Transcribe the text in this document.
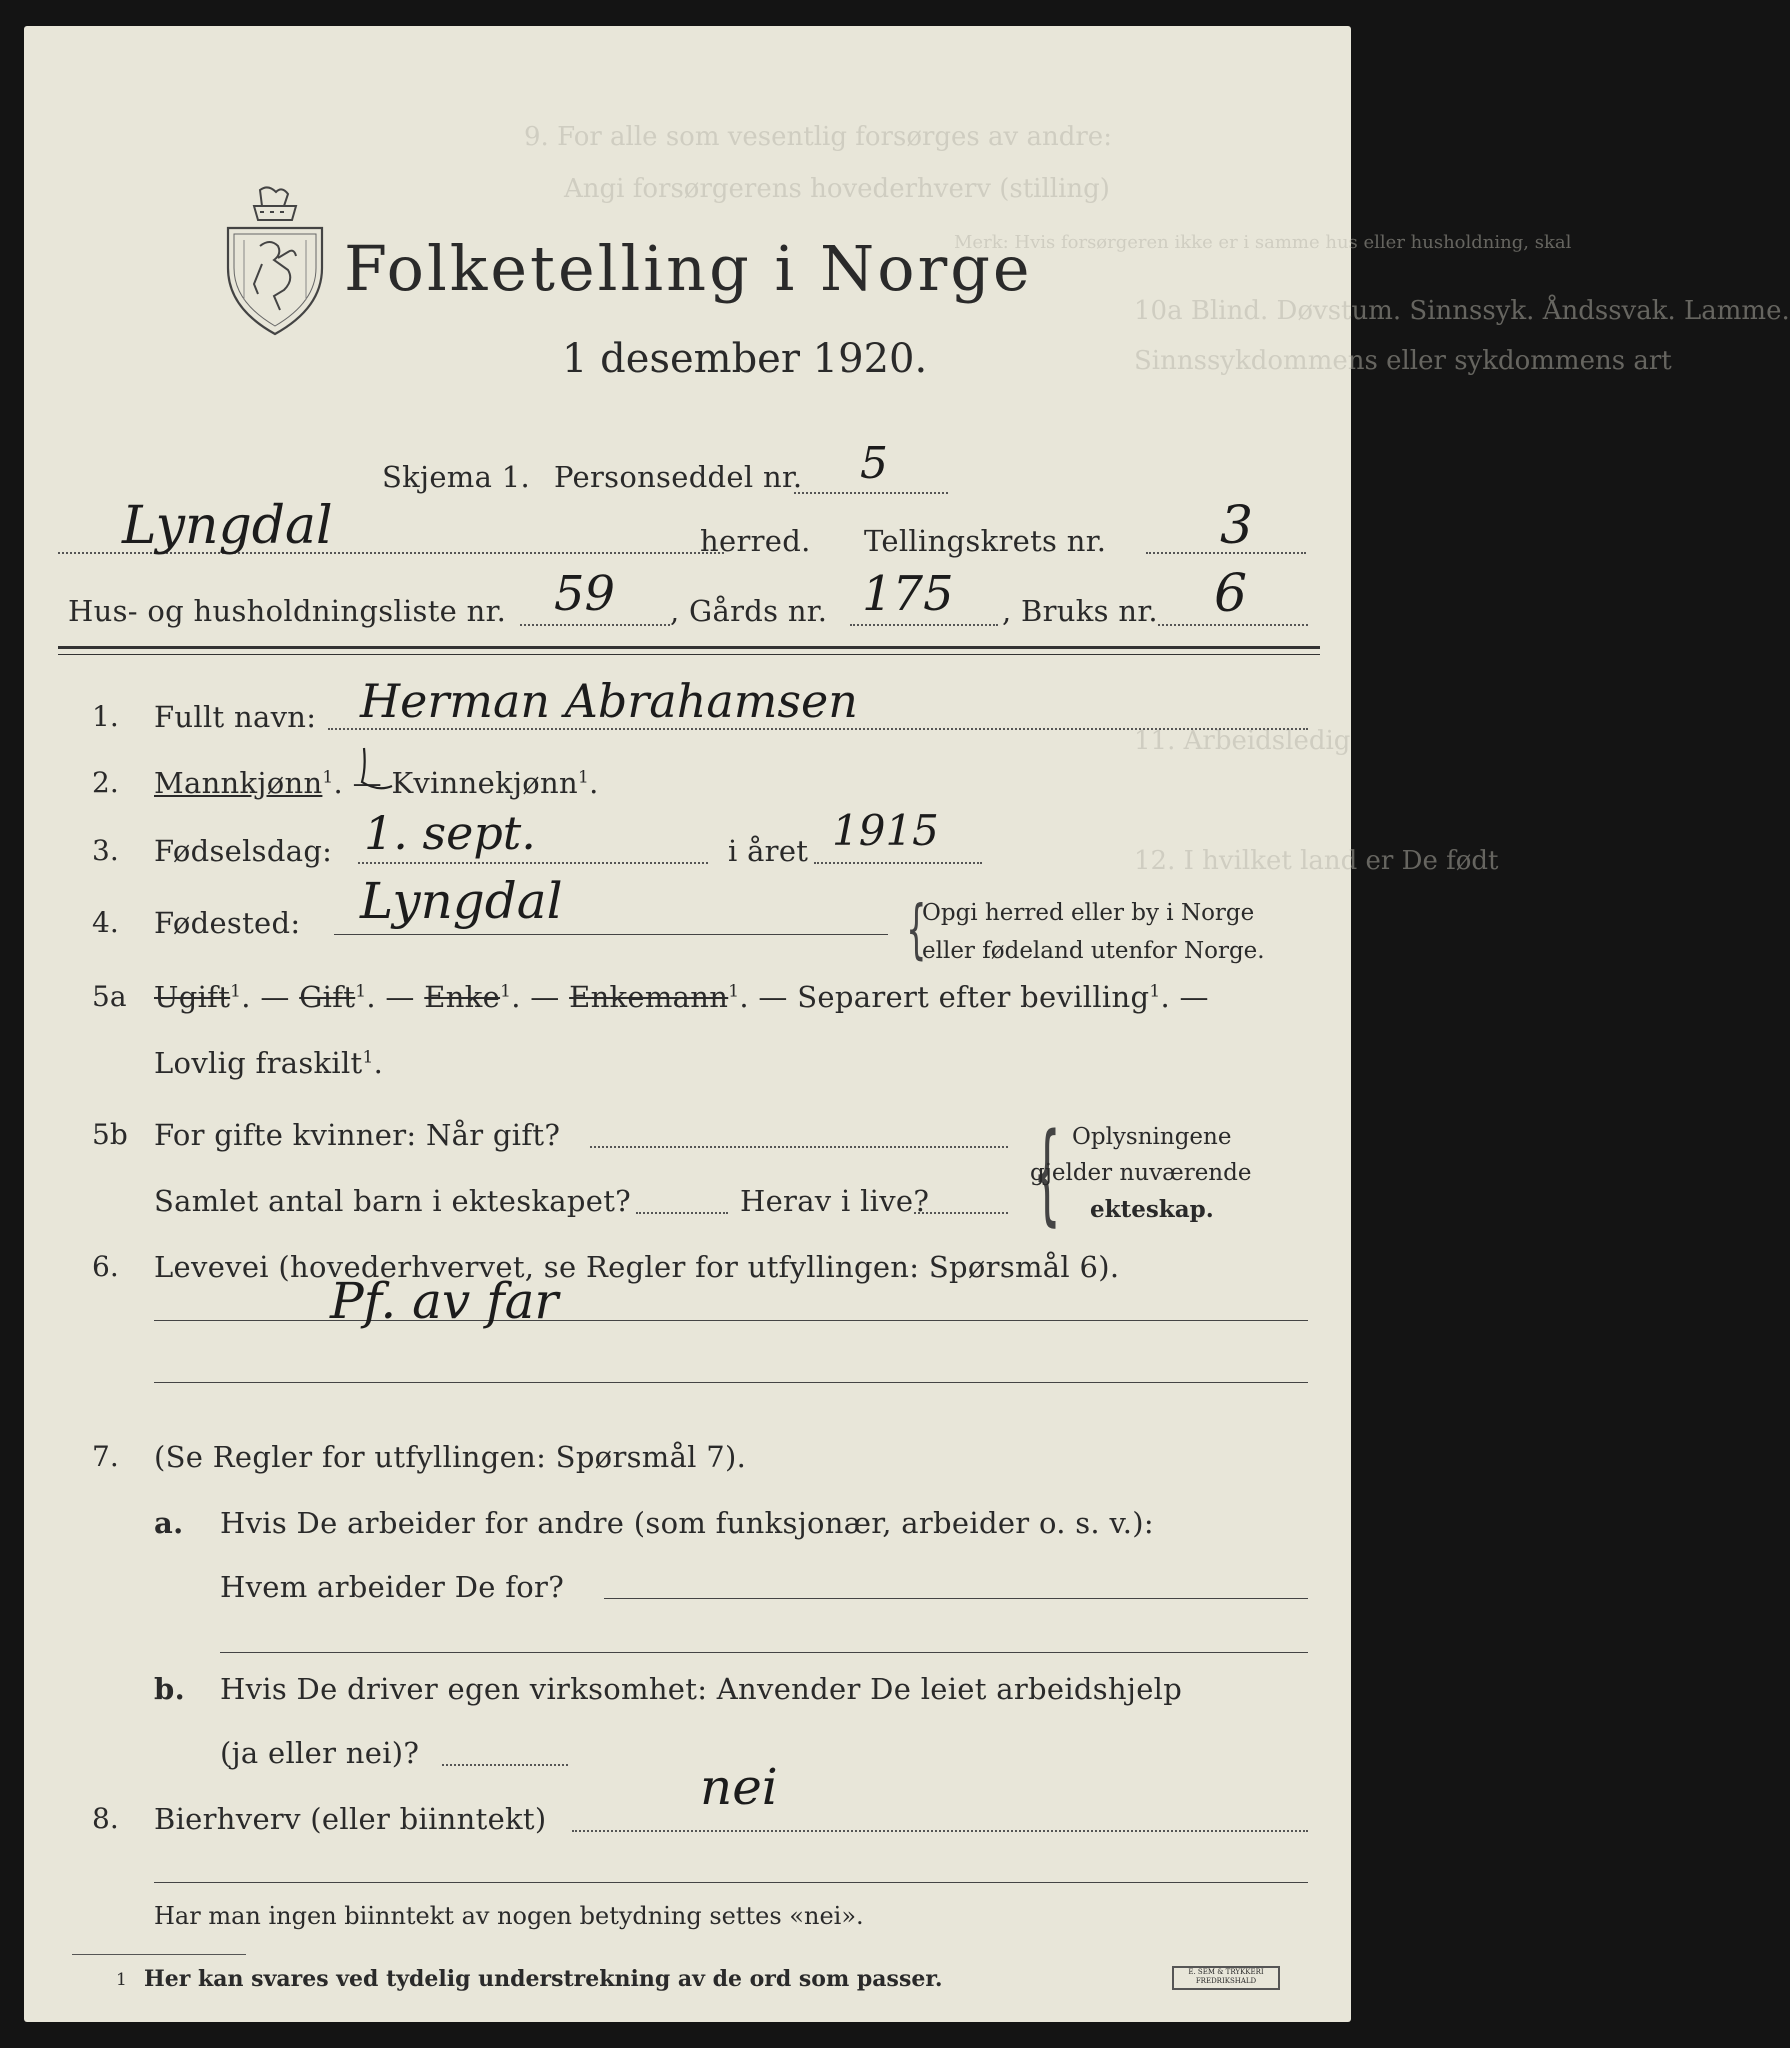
9. For alle som vesentlig forsørges av andre:
Angi forsørgerens hovederhverv (stilling)
Merk: Hvis forsørgeren ikke er i samme hus eller husholdning, skal
10a Blind. Døvstum. Sinnssyk. Åndssvak. Lamme.
Sinnssykdommens eller sykdommens art
11. Arbeidsledig
12. I hvilket land er De født
Folketelling i Norge
1 desember 1920.
Skjema 1. Personseddel nr. 5
Lyngdal	herred. Tellingskrets nr. 3
Hus- og husholdningsliste nr. 59 , Gårds nr. 175 , Bruks nr. 6
1. Fullt navn: Herman Abrahamsen
2. Mannkjønn$^1$. — Kvinnekjønn$^1$.
3. Fødselsdag: 1. sept.	i året 1915
4. Fødested: Lyngdal	{
Opgi herred eller by i Norge
eller fødeland utenfor Norge.
5a Ugift$^1$. — Gift$^1$. — Enke$^1$. — Enkemann$^1$. — Separert efter bevilling$^1$. —
Lovlig fraskilt$^1$.
5b For gifte kvinner: Når gift?
Samlet antal barn i ekteskapet?	Herav i live? { Oplysningene
gjelder nuværende
ekteskap.
6. Levevei (hovederhvervet, se Regler for utfyllingen: Spørsmål 6).
Pf. av far
7. (Se Regler for utfyllingen: Spørsmål 7).
a. Hvis De arbeider for andre (som funksjonær, arbeider o. s. v.):
Hvem arbeider De for?
b. Hvis De driver egen virksomhet: Anvender De leiet arbeidshjelp
(ja eller nei)?
8. Bierhverv (eller biinntekt)
nei
Har man ingen biinntekt av nogen betydning settes «nei».
1 Her kan svares ved tydelig understrekning av de ord som passer.	E. SEM & TRYKKERI FREDRIKSHALD
